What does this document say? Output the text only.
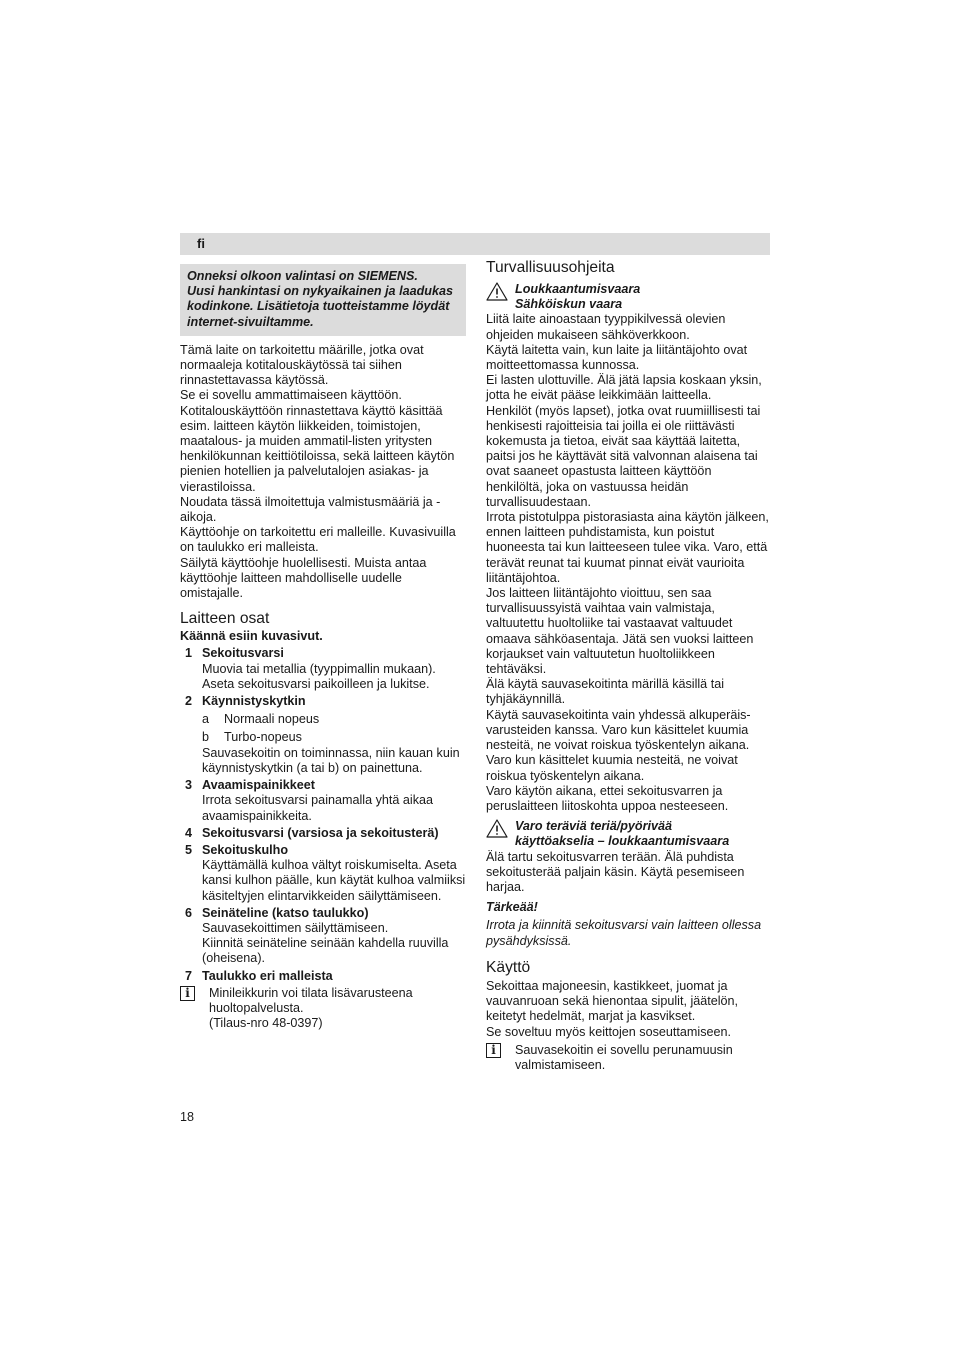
fi
Onneksi olkoon valintasi on SIEMENS.
Uusi hankintasi on nykyaikainen ja laadukas
kodinkone. Lisätietoja tuotteistamme löydät
internet-sivuiltamme.

Tämä laite on tarkoitettu määrille, jotka ovat normaaleja kotitalouskäytössä tai siihen rinnastettavassa käytössä.

Se ei sovellu ammattimaiseen käyttöön. Kotitalouskäyttöön rinnastettava käyttö käsittää esim. laitteen käytön liikkeiden, toimistojen, maatalous- ja muiden ammatil-listen yritysten henkilökunnan keittiötiloissa, sekä laitteen käytön pienien hotellien ja palvelutalojen asiakas- ja vierastiloissa.

Noudata tässä ilmoitettuja valmistusmääriä ja -aikoja.

Käyttöohje on tarkoitettu eri malleille. Kuvasivuilla on taulukko eri malleista.

Säilytä käyttöohje huolellisesti. Muista antaa käyttöohje laitteen mahdolliselle uudelle omistajalle.

Laitteen osat

Käännä esiin kuvasivut.

1 Sekoitusvarsi
Muovia tai metallia (tyyppimallin mukaan). Aseta sekoitusvarsi paikoilleen ja lukitse.
2 Käynnistyskytkin
a	Normaali nopeus
b	Turbo-nopeus
Sauvasekoitin on toiminnassa, niin kauan kuin käynnistyskytkin (a tai b) on painettuna.
3 Avaamispainikkeet
Irrota sekoitusvarsi painamalla yhtä aikaa avaamispainikkeita.
4 Sekoitusvarsi (varsiosa ja sekoitusterä)
5 Sekoituskulho
Käyttämällä kulhoa vältyt roiskumiselta. Aseta kansi kulhon päälle, kun käytät kulhoa valmiiksi käsiteltyjen elintarvikkeiden säilyttämiseen.
6 Seinäteline (katso taulukko)
Sauvasekoittimen säilyttämiseen.
Kiinnitä seinäteline seinään kahdella ruuvilla (oheisena).
7 Taulukko eri malleista
i	Minileikkurin voi tilata lisävarusteena huoltopalvelusta.
(Tilaus-nro 48-0397)
Turvallisuusohjeita
Loukkaantumisvaara
Sähköiskun vaara

Liitä laite ainoastaan tyyppikilvessä olevien ohjeiden mukaiseen sähköverkkoon.

Käytä laitetta vain, kun laite ja liitäntäjohto ovat moitteettomassa kunnossa.

Ei lasten ulottuville. Älä jätä lapsia koskaan yksin, jotta he eivät pääse leikkimään laitteella.

Henkilöt (myös lapset), jotka ovat ruumiillisesti tai henkisesti rajoitteisia tai joilla ei ole riittävästi kokemusta ja tietoa, eivät saa käyttää laitetta, paitsi jos he käyttävät sitä valvonnan alaisena tai ovat saaneet opastusta laitteen käyttöön henkilöltä, joka on vastuussa heidän turvallisuudestaan.

Irrota pistotulppa pistorasiasta aina käytön jälkeen, ennen laitteen puhdistamista, kun poistut huoneesta tai kun laitteeseen tulee vika. Varo, että terävät reunat tai kuumat pinnat eivät vaurioita liitäntäjohtoa.

Jos laitteen liitäntäjohto vioittuu, sen saa turvallisuussyistä vaihtaa vain valmistaja, valtuutettu huoltoliike tai vastaavat valtuudet omaava sähköasentaja. Jätä sen vuoksi laitteen korjaukset vain valtuutetun huoltoliikkeen tehtäväksi.

Älä käytä sauvasekoitinta märillä käsillä tai tyhjäkäynnillä.

Käytä sauvasekoitinta vain yhdessä alkuperäis-varusteiden kanssa. Varo kun käsittelet kuumia nesteitä, ne voivat roiskua työskentelyn aikana. Varo kun käsittelet kuumia nesteitä, ne voivat roiskua työskentelyn aikana.

Varo käytön aikana, ettei sekoitusvarren ja peruslaitteen liitoskohta uppoa nesteeseen.

Varo teräviä teriä/pyörivää
käyttöakselia – loukkaantumisvaara

Älä tartu sekoitusvarren terään. Älä puhdista sekoitusterää paljain käsin. Käytä pesemiseen harjaa.

Tärkeää!

Irrota ja kiinnitä sekoitusvarsi vain laitteen ollessa pysähdyksissä.

Käyttö

Sekoittaa majoneesin, kastikkeet, juomat ja vauvanruoan sekä hienontaa sipulit, jäätelön, keitetyt hedelmät, marjat ja kasvikset.

Se soveltuu myös keittojen soseuttamiseen.

i	Sauvasekoitin ei sovellu perunamuusin valmistamiseen.
18
